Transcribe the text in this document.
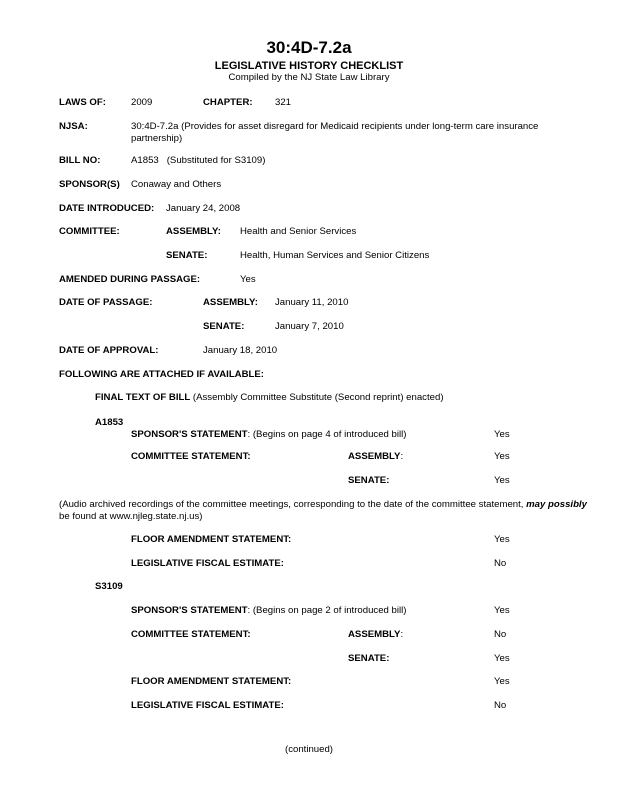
30:4D-7.2a
LEGISLATIVE HISTORY CHECKLIST
Compiled by the NJ State Law Library
LAWS OF:	2009	CHAPTER: 321
NJSA:	30:4D-7.2a (Provides for asset disregard for Medicaid recipients under long-term care insurance
partnership)
BILL NO:	A1853   (Substituted for S3109)
SPONSOR(S) Conaway and Others
DATE INTRODUCED: January 24, 2008
COMMITTEE:	ASSEMBLY: Health and Senior Services
SENATE:	Health, Human Services and Senior Citizens
AMENDED DURING PASSAGE:	Yes
DATE OF PASSAGE:	ASSEMBLY: January 11, 2010
SENATE:	January 7, 2010
DATE OF APPROVAL:	January 18, 2010
FOLLOWING ARE ATTACHED IF AVAILABLE:
FINAL TEXT OF BILL (Assembly Committee Substitute (Second reprint) enacted)
A1853
SPONSOR'S STATEMENT: (Begins on page 4 of introduced bill)	Yes
COMMITTEE STATEMENT:	ASSEMBLY:	Yes
SENATE:	Yes
(Audio archived recordings of the committee meetings, corresponding to the date of the committee statement, may possibly
be found at www.njleg.state.nj.us)
FLOOR AMENDMENT STATEMENT:	Yes
LEGISLATIVE FISCAL ESTIMATE:	No
S3109
SPONSOR'S STATEMENT: (Begins on page 2 of introduced bill)	Yes
COMMITTEE STATEMENT:	ASSEMBLY:	No
SENATE:	Yes
FLOOR AMENDMENT STATEMENT:	Yes
LEGISLATIVE FISCAL ESTIMATE:	No
(continued)
